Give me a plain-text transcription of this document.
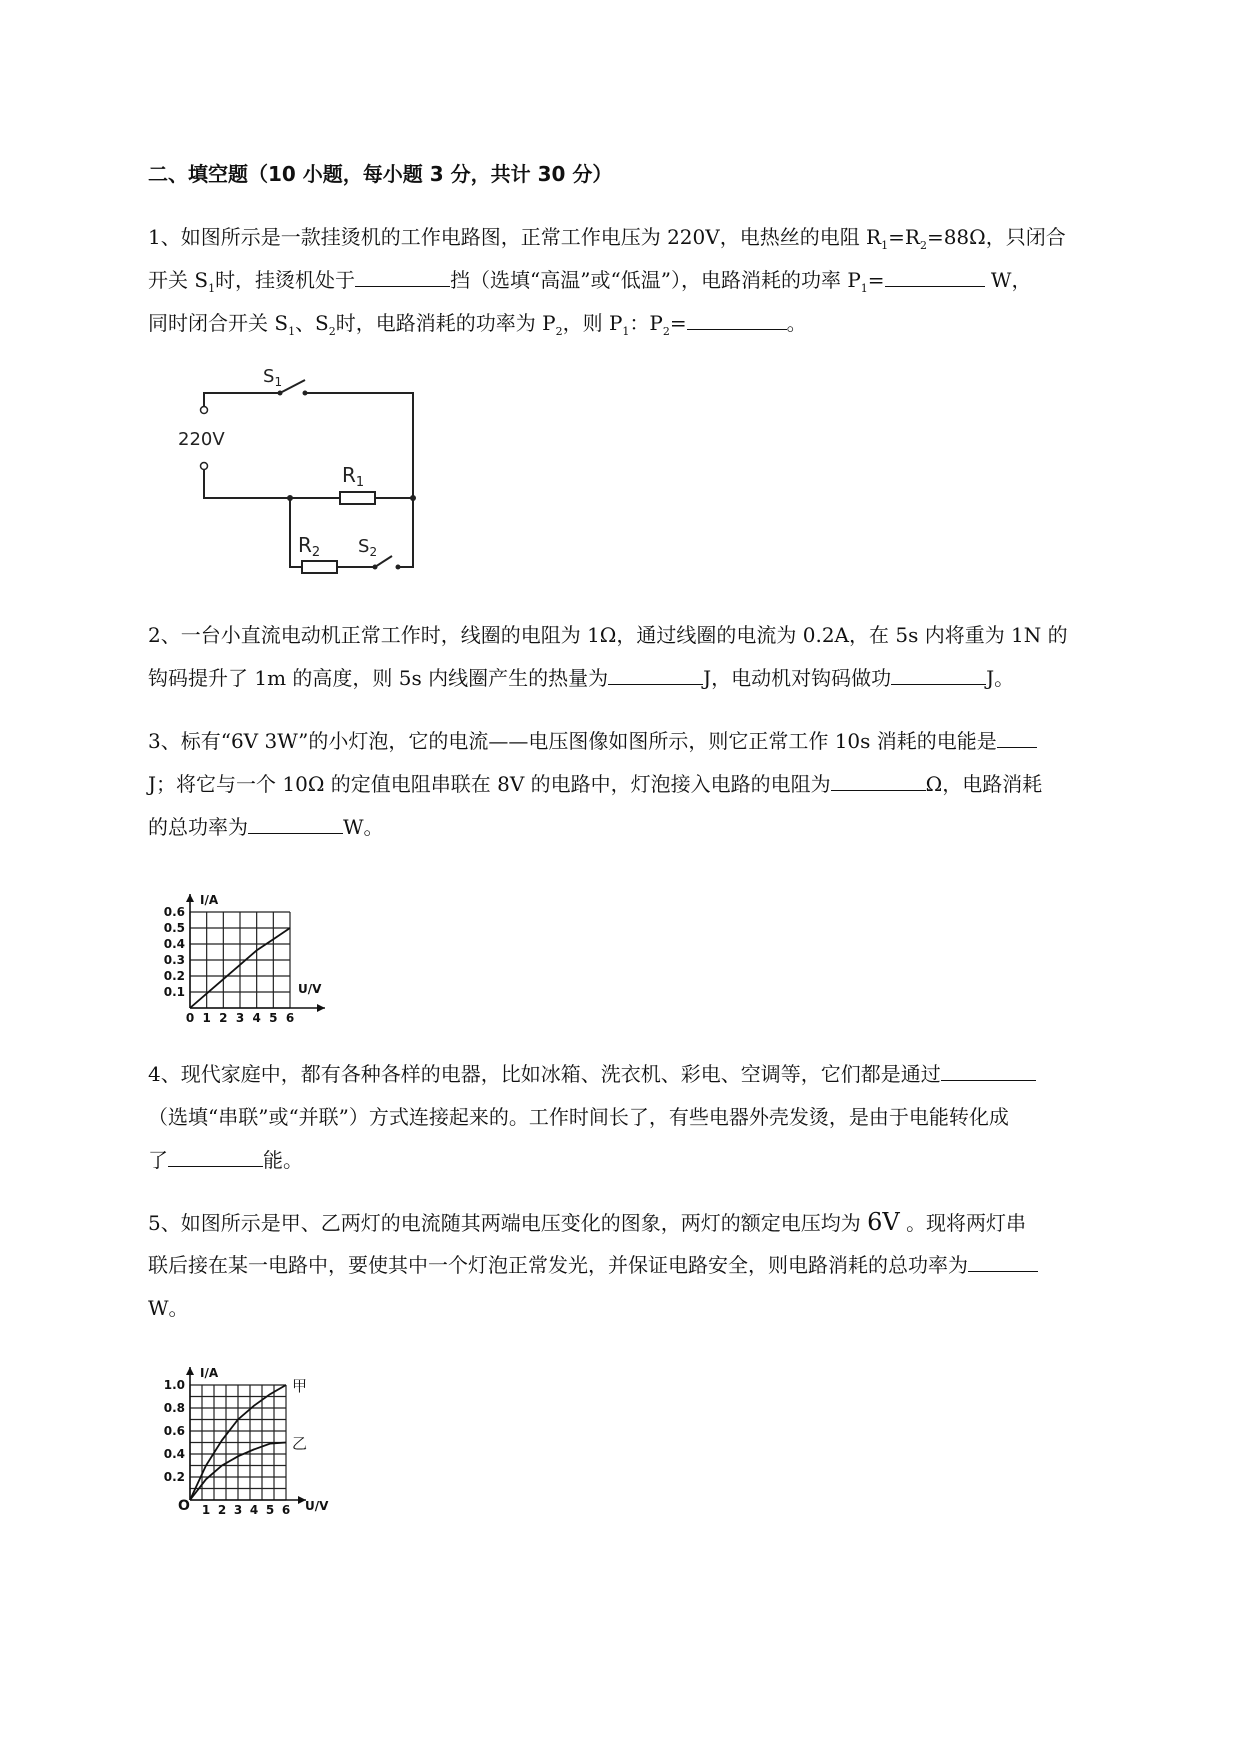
二、填空题（10 小题，每小题 3 分，共计 30 分）
1、如图所示是一款挂烫机的工作电路图，正常工作电压为 220V，电热丝的电阻 $R_1=R_2=88\Omega$，只闭合
开关 $S_1$时，挂烫机处于	挡（选填“高温”或“低温”），电路消耗的功率 $P_1=$	W，
同时闭合开关 $S_1$、$S_2$时，电路消耗的功率为 $P_2$，则 $P_1$：$P_2=$	。
$S_1$
220V
$R_1$
$R_2$ $S_2$
2、一台小直流电动机正常工作时，线圈的电阻为 1Ω，通过线圈的电流为 0.2A，在 5s 内将重为 1N 的
钩码提升了 1m 的高度，则 5s 内线圈产生的热量为	J，电动机对钩码做功	J。
3、标有“6V 3W”的小灯泡，它的电流——电压图像如图所示，则它正常工作 10s 消耗的电能是
J；将它与一个 10Ω 的定值电阻串联在 8V 的电路中，灯泡接入电路的电阻为	Ω，电路消耗
的总功率为	W。
I/A
U/V
0 1 2 3 4 5 6
0.1
0.2
0.3
0.4
0.5
0.6
4、现代家庭中，都有各种各样的电器，比如冰箱、洗衣机、彩电、空调等，它们都是通过
（选填“串联”或“并联”）方式连接起来的。工作时间长了，有些电器外壳发烫，是由于电能转化成
了	能。
5、如图所示是甲、乙两灯的电流随其两端电压变化的图象，两灯的额定电压均为 6V 。现将两灯串
联后接在某一电路中，要使其中一个灯泡正常发光，并保证电路安全，则电路消耗的总功率为
W。
I/A
U/V
1 2 3 4 5 6
0.2
0.4
0.6
0.8
1.0
O
甲
乙
